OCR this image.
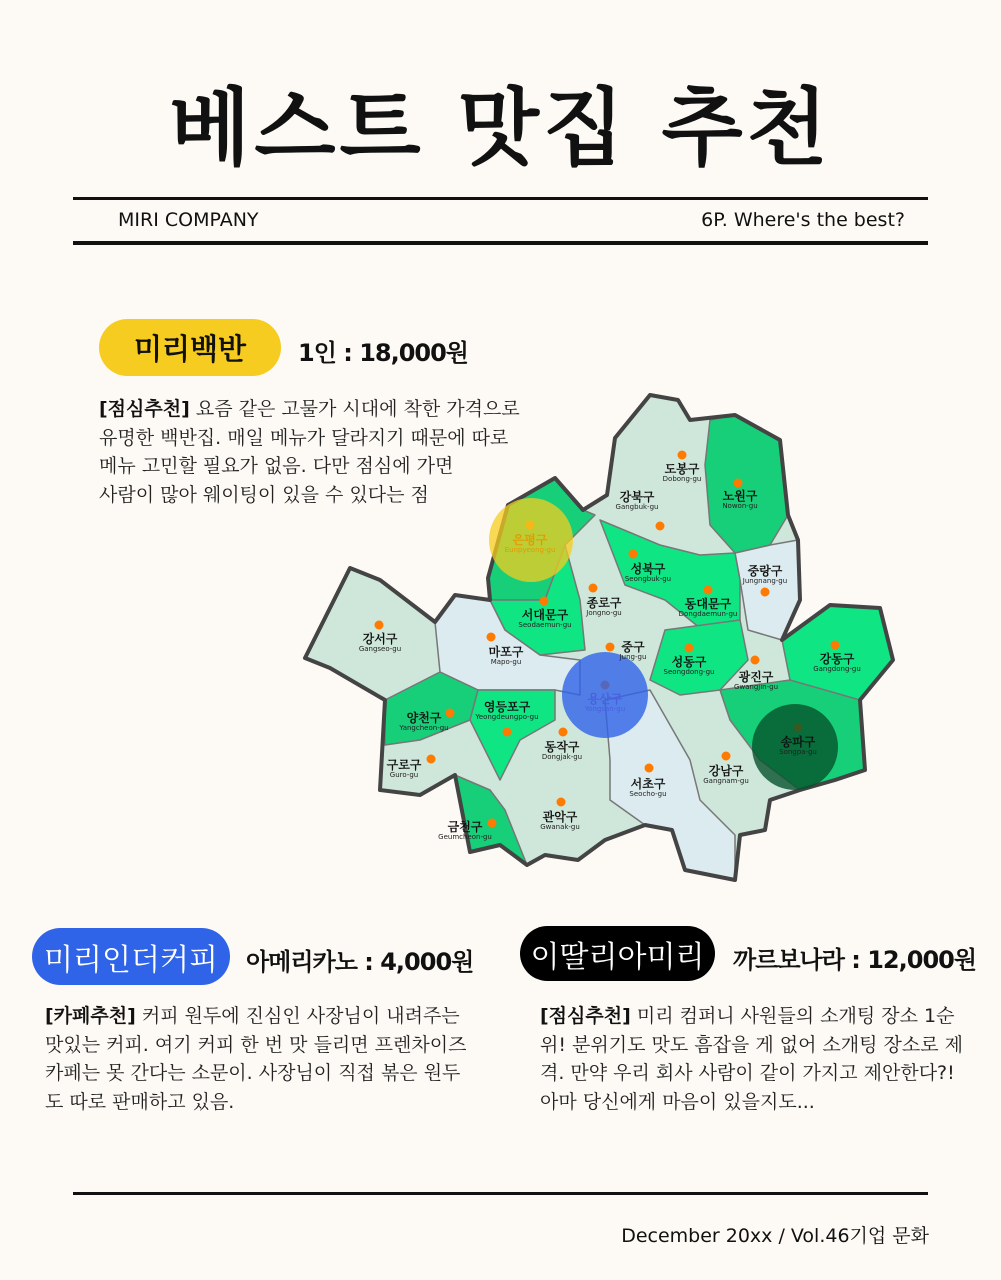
베스트 맛집 추천
MIRI COMPANY	6P. Where's the best?
미리백반	1인 : 18,000원
[점심추천] 요즘 같은 고물가 시대에 착한 가격으로
유명한 백반집. 매일 메뉴가 달라지기 때문에 따로
메뉴 고민할 필요가 없음. 다만 점심에 가면
사람이 많아 웨이팅이 있을 수 있다는 점
도봉구
Dobong-gu
노원구
Nowon-gu
강북구
Gangbuk-gu
은평구
Eunpyeong-gu
성북구
Seongbuk-gu
중랑구
Jungnang-gu
종로구
Jongno-gu
동대문구
Dongdaemun-gu
서대문구
Seodaemun-gu
강서구
Gangseo-gu	마포구
Mapo-gu
중구
Jung-gu	성동구
Seongdong-gu	광진구
Gwangjin-gu
강동구
Gangdong-gu
용산구
Yongsan-gu
양천구
Yangcheon-gu
영등포구
Yeongdeungpo-gu
송파구
Songpa-gu
동작구
Dongjak-gu
강남구
Gangnam-gu
구로구
Guro-gu
서초구
Seocho-gu
관악구
Gwanak-gu
금천구
Geumcheon-gu
미리인더커피	아메리카노 : 4,000원
[카페추천] 커피 원두에 진심인 사장님이 내려주는
맛있는 커피. 여기 커피 한 번 맛 들리면 프렌차이즈
카페는 못 간다는 소문이. 사장님이 직접 볶은 원두
도 따로 판매하고 있음.
이딸리아미리	까르보나라 : 12,000원
[점심추천] 미리 컴퍼니 사원들의 소개팅 장소 1순
위! 분위기도 맛도 흠잡을 게 없어 소개팅 장소로 제
격. 만약 우리 회사 사람이 같이 가지고 제안한다?!
아마 당신에게 마음이 있을지도...
December 20xx / Vol.46기업 문화
